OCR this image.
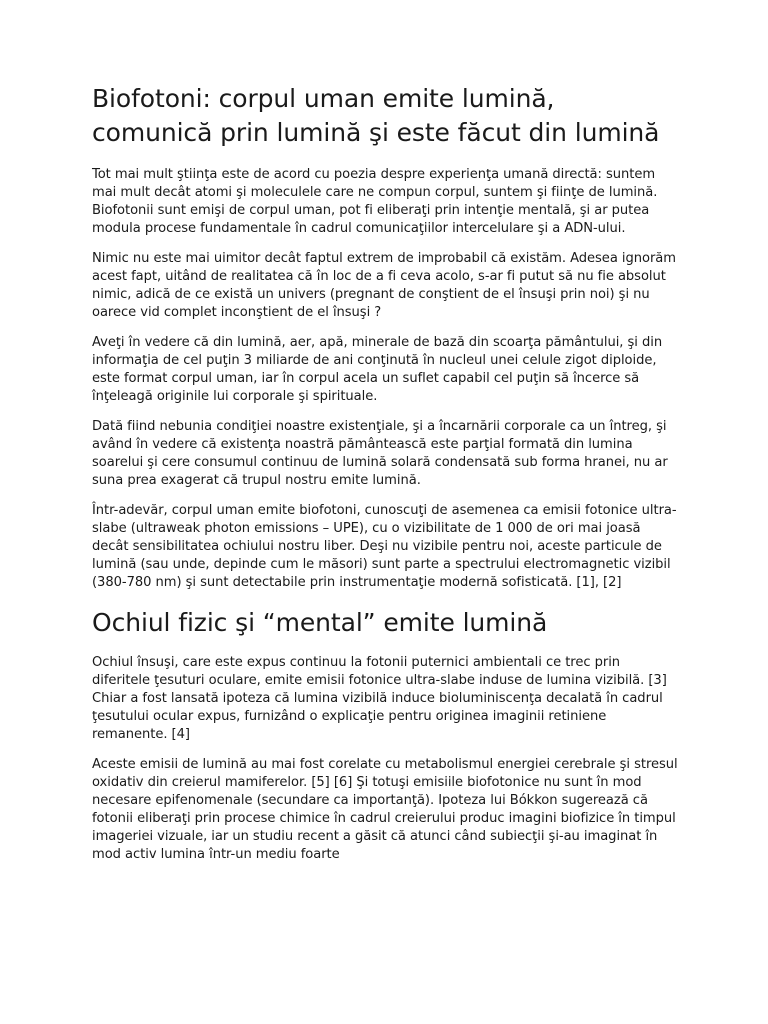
Biofotoni: corpul uman emite lumină, comunică prin lumină şi este făcut din lumină

Tot mai mult ştiinţa este de acord cu poezia despre experienţa umană directă: suntem mai mult decât atomi şi moleculele care ne compun corpul, suntem şi fiinţe de lumină. Biofotonii sunt emişi de corpul uman, pot fi eliberaţi prin intenţie mentală, şi ar putea modula procese fundamentale în cadrul comunicaţiilor intercelulare şi a ADN-ului.

Nimic nu este mai uimitor decât faptul extrem de improbabil că existăm. Adesea ignorăm acest fapt, uitând de realitatea că în loc de a fi ceva acolo, s-ar fi putut să nu fie absolut nimic, adică de ce există un univers (pregnant de conştient de el însuşi prin noi) şi nu oarece vid complet inconştient de el însuşi ?

Aveţi în vedere că din lumină, aer, apă, minerale de bază din scoarţa pământului, şi din informaţia de cel puţin 3 miliarde de ani conţinută în nucleul unei celule zigot diploide, este format corpul uman, iar în corpul acela un suflet capabil cel puţin să încerce să înţeleagă originile lui corporale şi spirituale.

Dată fiind nebunia condiţiei noastre existenţiale, şi a încarnării corporale ca un întreg, şi având în vedere că existenţa noastră pământească este parţial formată din lumina soarelui şi cere consumul continuu de lumină solară condensată sub forma hranei, nu ar suna prea exagerat că trupul nostru emite lumină.

Într-adevăr, corpul uman emite biofotoni, cunoscuţi de asemenea ca emisii fotonice ultra-slabe (ultraweak photon emissions – UPE), cu o vizibilitate de 1 000 de ori mai joasă decât sensibilitatea ochiului nostru liber. Deşi nu vizibile pentru noi, aceste particule de lumină (sau unde, depinde cum le măsori) sunt parte a spectrului electromagnetic vizibil (380-780 nm) şi sunt detectabile prin instrumentaţie modernă sofisticată. [1], [2]

Ochiul fizic şi “mental” emite lumină

Ochiul însuşi, care este expus continuu la fotonii puternici ambientali ce trec prin diferitele ţesuturi oculare, emite emisii fotonice ultra-slabe induse de lumina vizibilă. [3] Chiar a fost lansată ipoteza că lumina vizibilă induce bioluminiscenţa decalată în cadrul ţesutului ocular expus, furnizând o explicaţie pentru originea imaginii retiniene remanente. [4]

Aceste emisii de lumină au mai fost corelate cu metabolismul energiei cerebrale şi stresul oxidativ din creierul mamiferelor. [5] [6] Şi totuşi emisiile biofotonice nu sunt în mod necesare epifenomenale (secundare ca importanţă). Ipoteza lui Bókkon sugerează că fotonii eliberaţi prin procese chimice în cadrul creierului produc imagini biofizice în timpul imageriei vizuale, iar un studiu recent a găsit că atunci când subiecţii şi-au imaginat în mod activ lumina într-un mediu foarte
